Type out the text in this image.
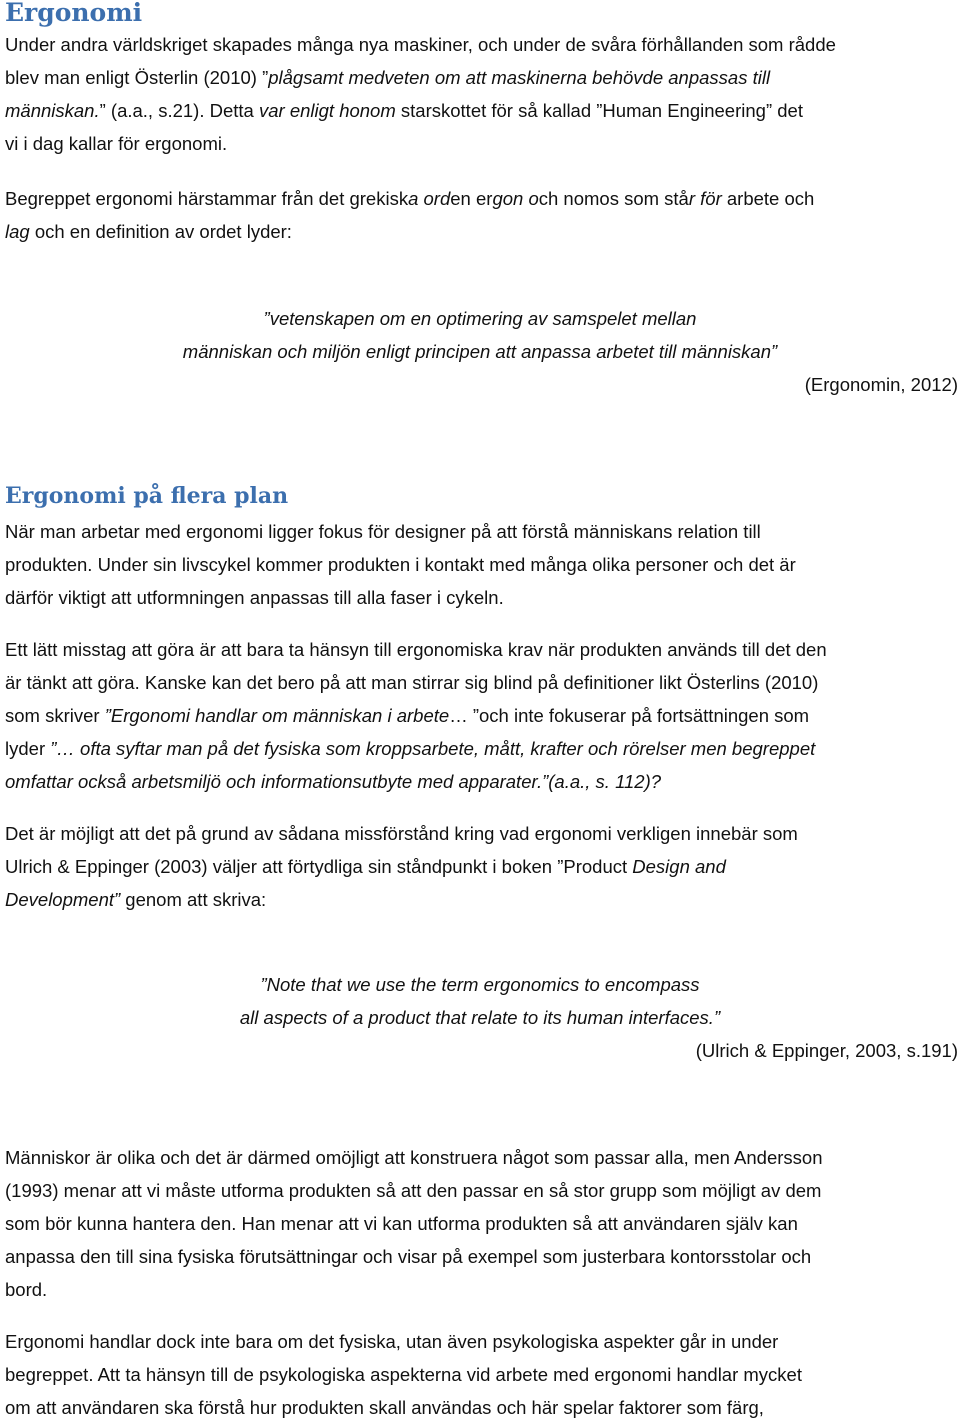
Ergonomi
Under andra världskriget skapades många nya maskiner, och under de svåra förhållanden som rådde
blev man enligt Österlin (2010) ”plågsamt medveten om att maskinerna behövde anpassas till
människan.” (a.a., s.21). Detta var enligt honom starskottet för så kallad ”Human Engineering” det
vi i dag kallar för ergonomi.
Begreppet ergonomi härstammar från det grekiska orden ergon och nomos som står för arbete och
lag och en definition av ordet lyder:
”vetenskapen om en optimering av samspelet mellan
människan och miljön enligt principen att anpassa arbetet till människan”
(Ergonomin, 2012)
Ergonomi på flera plan
När man arbetar med ergonomi ligger fokus för designer på att förstå människans relation till
produkten. Under sin livscykel kommer produkten i kontakt med många olika personer och det är
därför viktigt att utformningen anpassas till alla faser i cykeln.
Ett lätt misstag att göra är att bara ta hänsyn till ergonomiska krav när produkten används till det den
är tänkt att göra. Kanske kan det bero på att man stirrar sig blind på definitioner likt Österlins (2010)
som skriver ”Ergonomi handlar om människan i arbete… ”och inte fokuserar på fortsättningen som
lyder ”… ofta syftar man på det fysiska som kroppsarbete, mått, krafter och rörelser men begreppet
omfattar också arbetsmiljö och informationsutbyte med apparater.”(a.a., s. 112)?
Det är möjligt att det på grund av sådana missförstånd kring vad ergonomi verkligen innebär som
Ulrich & Eppinger (2003) väljer att förtydliga sin ståndpunkt i boken ”Product Design and
Development” genom att skriva:
”Note that we use the term ergonomics to encompass
all aspects of a product that relate to its human interfaces.”
(Ulrich & Eppinger, 2003, s.191)
Människor är olika och det är därmed omöjligt att konstruera något som passar alla, men Andersson
(1993) menar att vi måste utforma produkten så att den passar en så stor grupp som möjligt av dem
som bör kunna hantera den. Han menar att vi kan utforma produkten så att användaren själv kan
anpassa den till sina fysiska förutsättningar och visar på exempel som justerbara kontorsstolar och
bord.
Ergonomi handlar dock inte bara om det fysiska, utan även psykologiska aspekter går in under
begreppet. Att ta hänsyn till de psykologiska aspekterna vid arbete med ergonomi handlar mycket
om att användaren ska förstå hur produkten skall användas och här spelar faktorer som färg,
